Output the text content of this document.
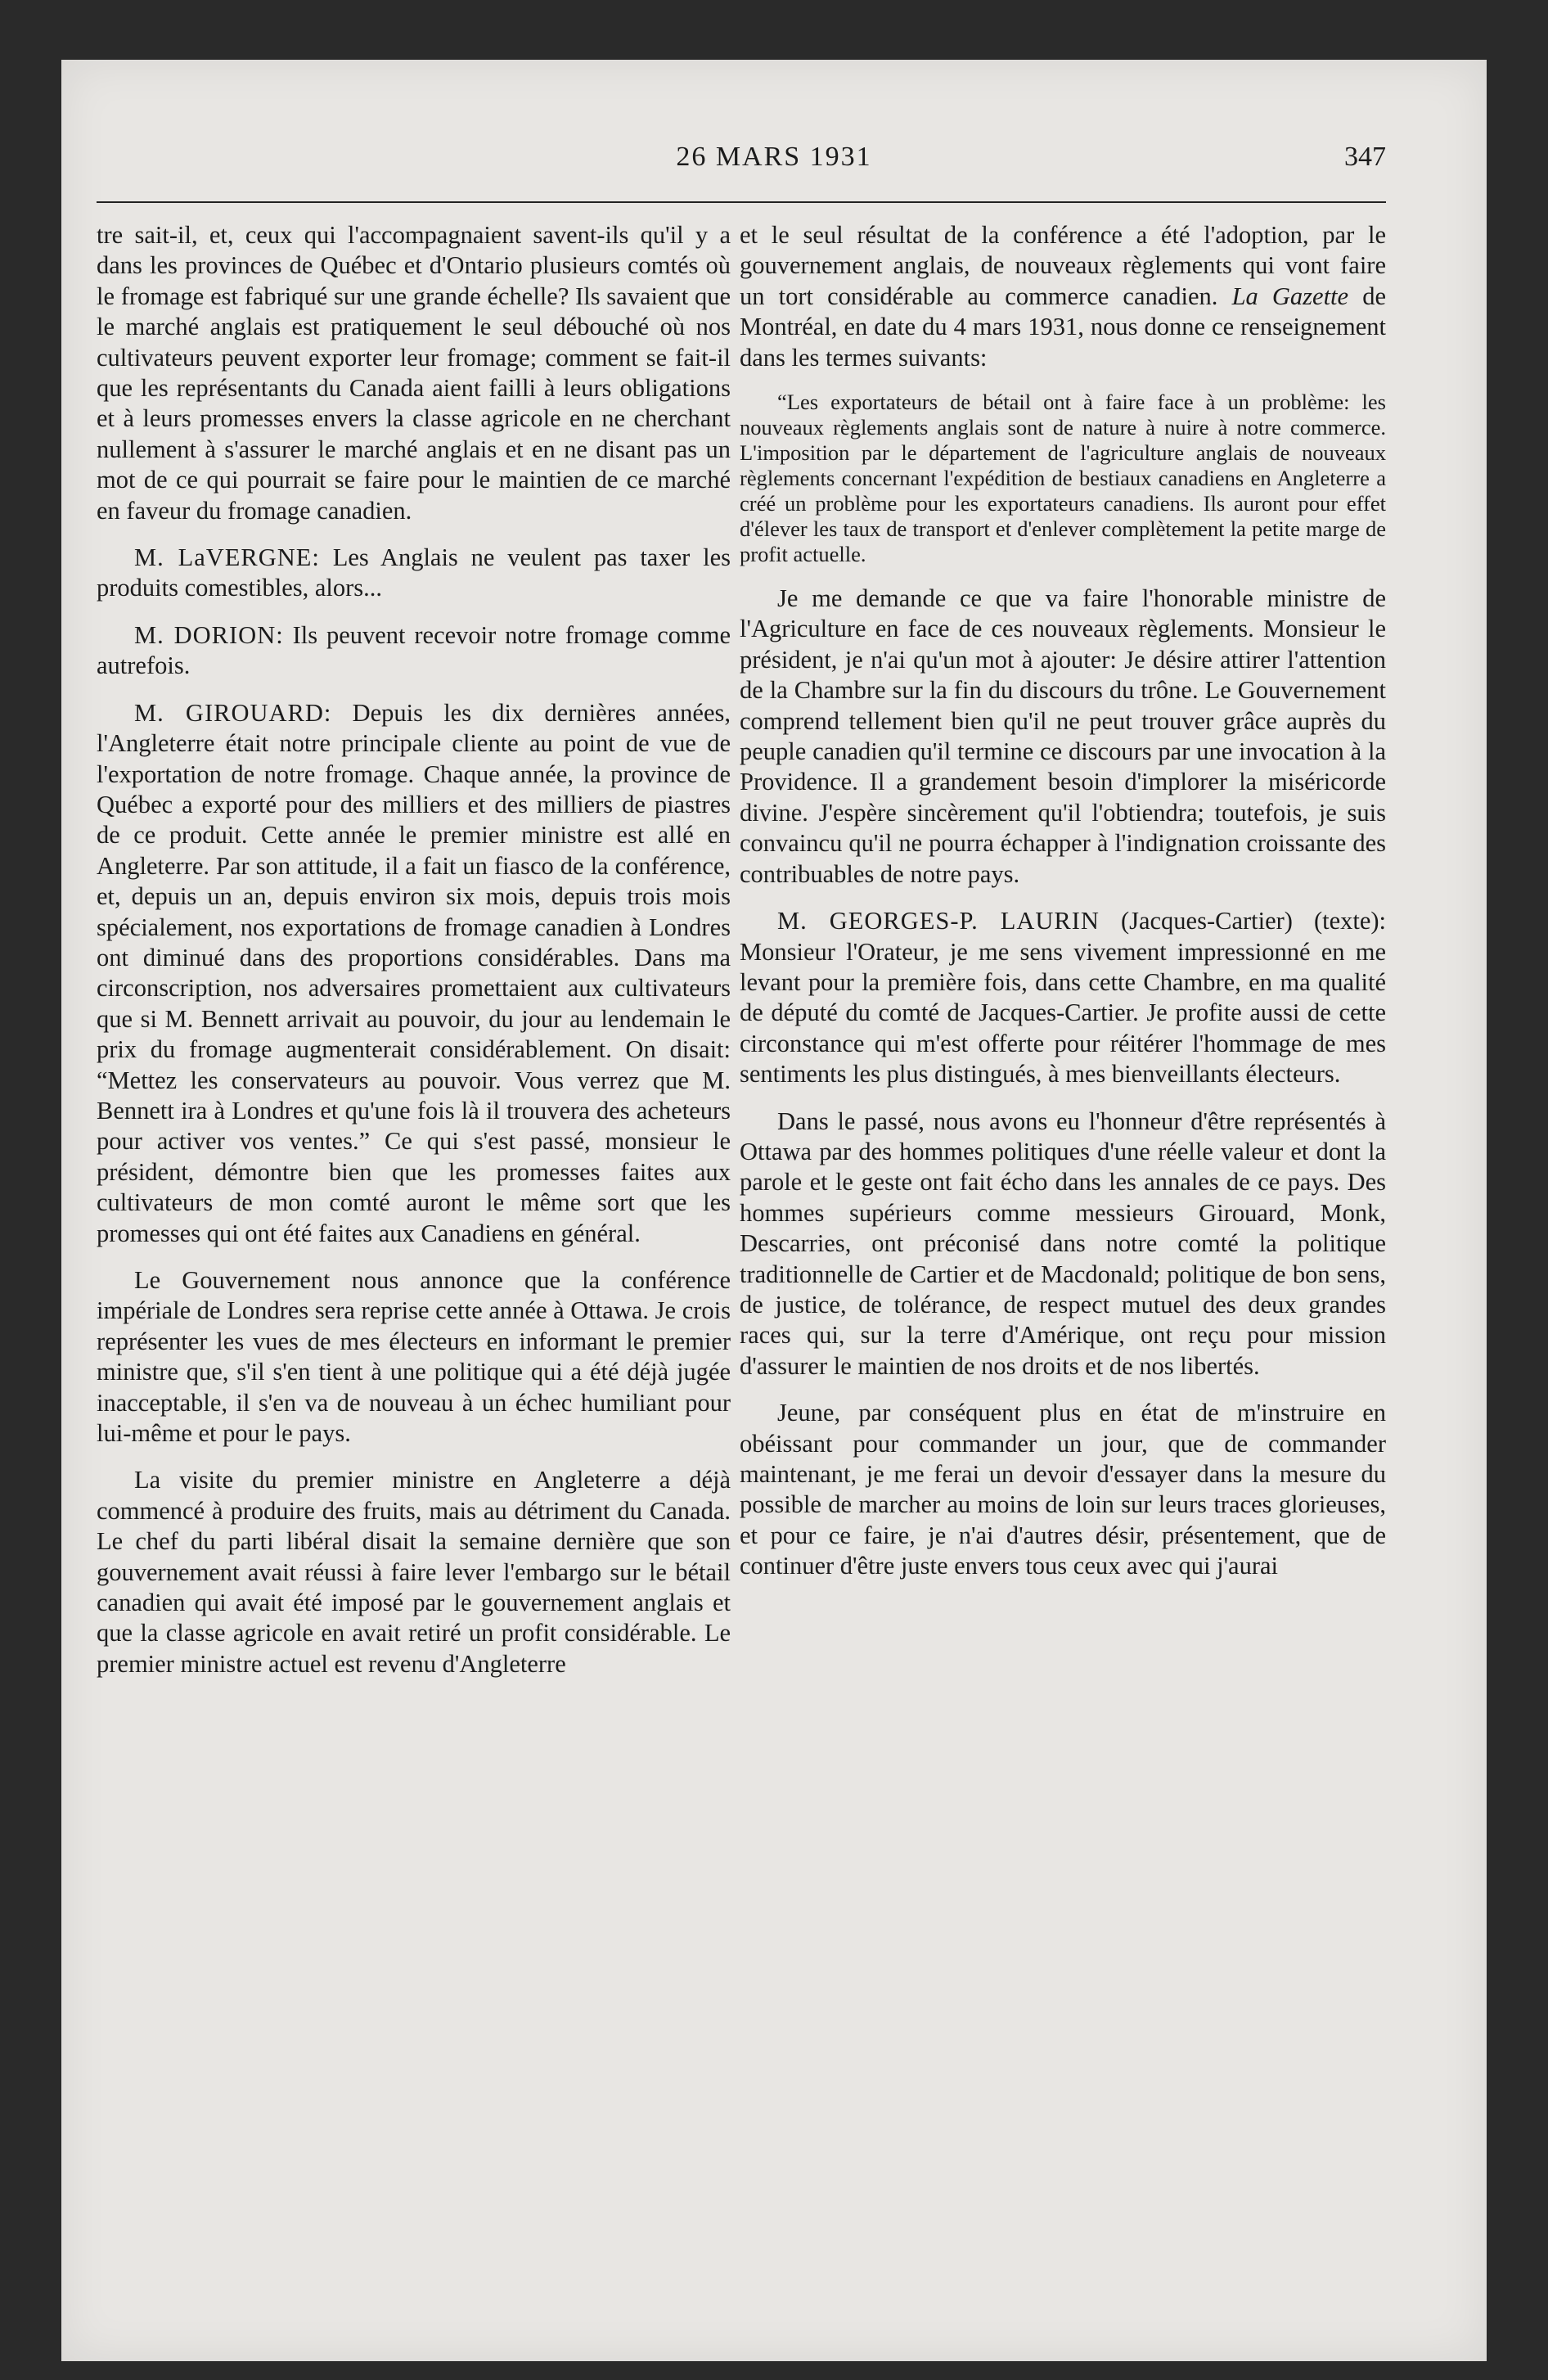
26 MARS 1931	347

tre sait-il, et, ceux qui l'accompagnaient savent-ils qu'il y a dans les provinces de Québec et d'Ontario plusieurs comtés où le fromage est fabriqué sur une grande échelle? Ils savaient que le marché anglais est pratiquement le seul débouché où nos cultivateurs peuvent exporter leur fromage; comment se fait-il que les représentants du Canada aient failli à leurs obligations et à leurs promesses envers la classe agricole en ne cherchant nullement à s'assurer le marché anglais et en ne disant pas un mot de ce qui pourrait se faire pour le maintien de ce marché en faveur du fromage canadien.

M. LaVERGNE: Les Anglais ne veulent pas taxer les produits comestibles, alors...

M. DORION: Ils peuvent recevoir notre fromage comme autrefois.

M. GIROUARD: Depuis les dix dernières années, l'Angleterre était notre principale cliente au point de vue de l'exportation de notre fromage. Chaque année, la province de Québec a exporté pour des milliers et des milliers de piastres de ce produit. Cette année le premier ministre est allé en Angleterre. Par son attitude, il a fait un fiasco de la conférence, et, depuis un an, depuis environ six mois, depuis trois mois spécialement, nos exportations de fromage canadien à Londres ont diminué dans des proportions considérables. Dans ma circonscription, nos adversaires promettaient aux cultivateurs que si M. Bennett arrivait au pouvoir, du jour au lendemain le prix du fromage augmenterait considérablement. On disait: “Mettez les conservateurs au pouvoir. Vous verrez que M. Bennett ira à Londres et qu'une fois là il trouvera des acheteurs pour activer vos ventes.” Ce qui s'est passé, monsieur le président, démontre bien que les promesses faites aux cultivateurs de mon comté auront le même sort que les promesses qui ont été faites aux Canadiens en général.

Le Gouvernement nous annonce que la conférence impériale de Londres sera reprise cette année à Ottawa. Je crois représenter les vues de mes électeurs en informant le premier ministre que, s'il s'en tient à une politique qui a été déjà jugée inacceptable, il s'en va de nouveau à un échec humiliant pour lui-même et pour le pays.

La visite du premier ministre en Angleterre a déjà commencé à produire des fruits, mais au détriment du Canada. Le chef du parti libéral disait la semaine dernière que son gouvernement avait réussi à faire lever l'embargo sur le bétail canadien qui avait été imposé par le gouvernement anglais et que la classe agricole en avait retiré un profit considérable. Le premier ministre actuel est revenu d'Angleterre

et le seul résultat de la conférence a été l'adoption, par le gouvernement anglais, de nouveaux règlements qui vont faire un tort considérable au commerce canadien. La Gazette de Montréal, en date du 4 mars 1931, nous donne ce renseignement dans les termes suivants:

“Les exportateurs de bétail ont à faire face à un problème: les nouveaux règlements anglais sont de nature à nuire à notre commerce. L'imposition par le département de l'agriculture anglais de nouveaux règlements concernant l'expédition de bestiaux canadiens en Angleterre a créé un problème pour les exportateurs canadiens. Ils auront pour effet d'élever les taux de transport et d'enlever complètement la petite marge de profit actuelle.

Je me demande ce que va faire l'honorable ministre de l'Agriculture en face de ces nouveaux règlements. Monsieur le président, je n'ai qu'un mot à ajouter: Je désire attirer l'attention de la Chambre sur la fin du discours du trône. Le Gouvernement comprend tellement bien qu'il ne peut trouver grâce auprès du peuple canadien qu'il termine ce discours par une invocation à la Providence. Il a grandement besoin d'implorer la miséricorde divine. J'espère sincèrement qu'il l'obtiendra; toutefois, je suis convaincu qu'il ne pourra échapper à l'indignation croissante des contribuables de notre pays.

M. GEORGES-P. LAURIN (Jacques-Cartier) (texte): Monsieur l'Orateur, je me sens vivement impressionné en me levant pour la première fois, dans cette Chambre, en ma qualité de député du comté de Jacques-Cartier. Je profite aussi de cette circonstance qui m'est offerte pour réitérer l'hommage de mes sentiments les plus distingués, à mes bienveillants électeurs.

Dans le passé, nous avons eu l'honneur d'être représentés à Ottawa par des hommes politiques d'une réelle valeur et dont la parole et le geste ont fait écho dans les annales de ce pays. Des hommes supérieurs comme messieurs Girouard, Monk, Descarries, ont préconisé dans notre comté la politique traditionnelle de Cartier et de Macdonald; politique de bon sens, de justice, de tolérance, de respect mutuel des deux grandes races qui, sur la terre d'Amérique, ont reçu pour mission d'assurer le maintien de nos droits et de nos libertés.

Jeune, par conséquent plus en état de m'instruire en obéissant pour commander un jour, que de commander maintenant, je me ferai un devoir d'essayer dans la mesure du possible de marcher au moins de loin sur leurs traces glorieuses, et pour ce faire, je n'ai d'autres désir, présentement, que de continuer d'être juste envers tous ceux avec qui j'aurai
